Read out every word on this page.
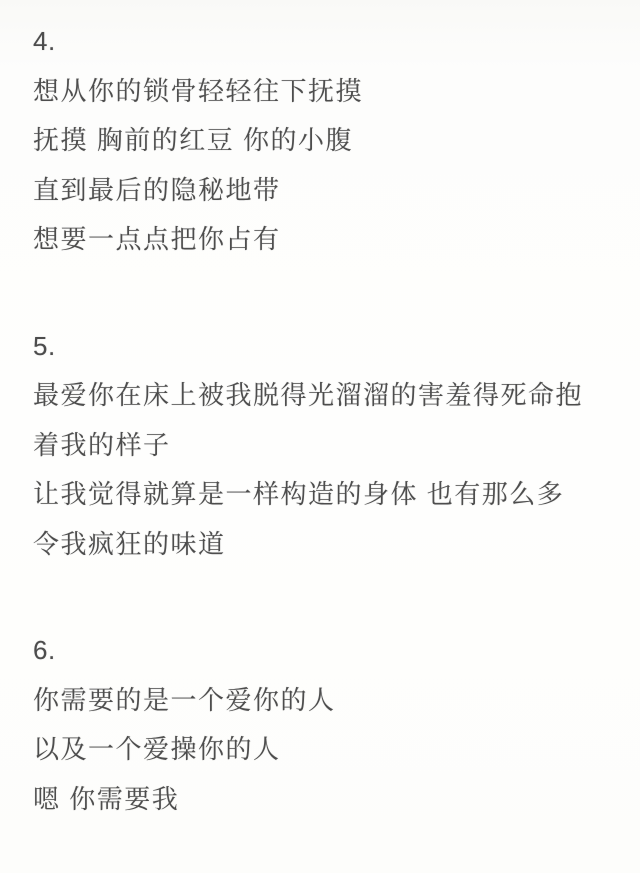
4.
想从你的锁骨轻轻往下抚摸
抚摸 胸前的红豆 你的小腹
直到最后的隐秘地带
想要一点点把你占有
5.
最爱你在床上被我脱得光溜溜的害羞得死命抱
着我的样子
让我觉得就算是一样构造的身体 也有那么多
令我疯狂的味道
6.
你需要的是一个爱你的人
以及一个爱操你的人
嗯 你需要我
